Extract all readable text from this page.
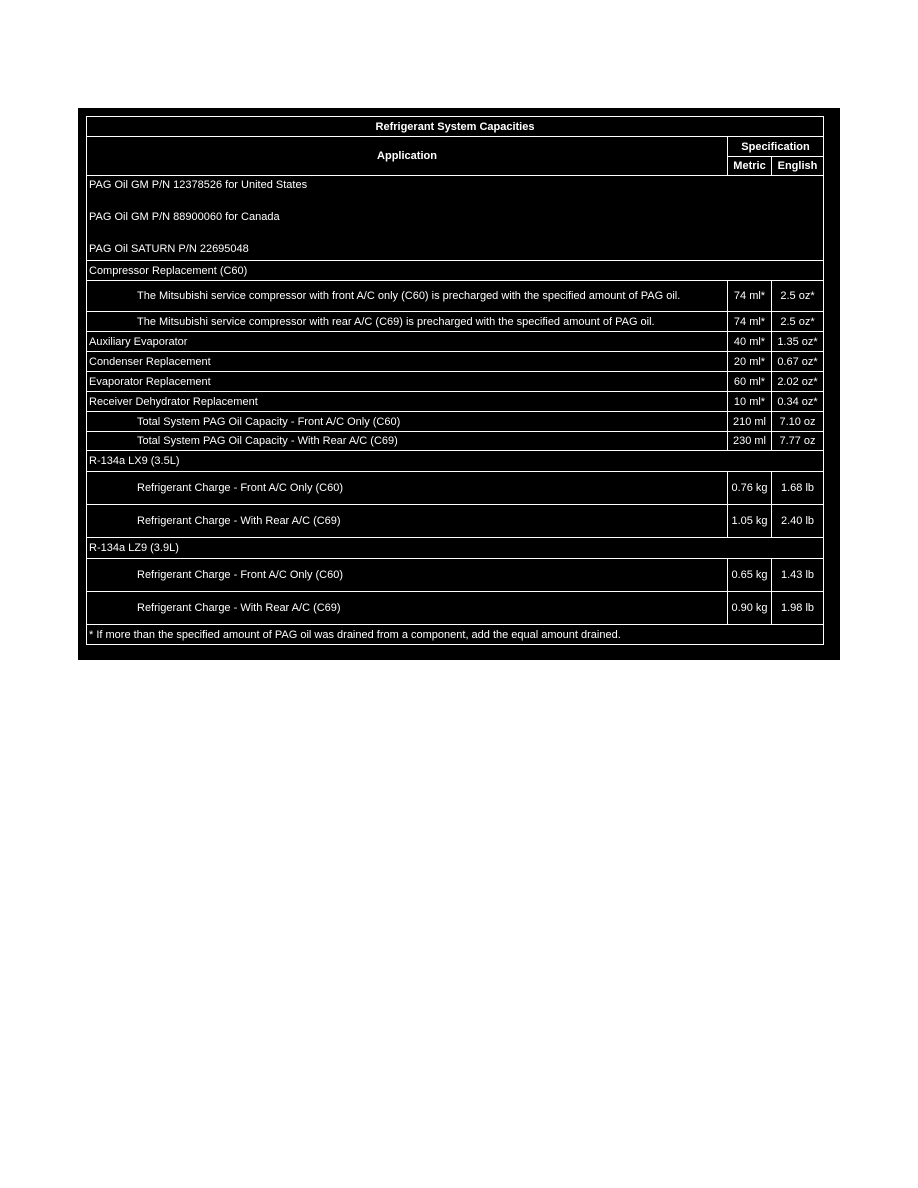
Refrigerant System Capacities		
Application	Specification	
	Metric	English

PAG Oil GM P/N 12378526 for United States
PAG Oil GM P/N 88900060 for Canada
PAG Oil SATURN P/N 22695048		

Compressor Replacement (C60)		
The Mitsubishi service compressor with front A/C only (C60) is precharged with the specified amount of PAG oil.	74 ml*	2.5 oz*
The Mitsubishi service compressor with rear A/C (C69) is precharged with the specified amount of PAG oil.	74 ml*	2.5 oz*
Auxiliary Evaporator	40 ml*	1.35 oz*
Condenser Replacement	20 ml*	0.67 oz*
Evaporator Replacement	60 ml*	2.02 oz*
Receiver Dehydrator Replacement	10 ml*	0.34 oz*
Total System PAG Oil Capacity - Front A/C Only (C60)	210 ml	7.10 oz
Total System PAG Oil Capacity - With Rear A/C (C69)	230 ml	7.77 oz
R-134a LX9 (3.5L)		
Refrigerant Charge - Front A/C Only (C60)	0.76 kg	1.68 lb
Refrigerant Charge - With Rear A/C (C69)	1.05 kg	2.40 lb
R-134a LZ9 (3.9L)		
Refrigerant Charge - Front A/C Only (C60)	0.65 kg	1.43 lb
Refrigerant Charge - With Rear A/C (C69)	0.90 kg	1.98 lb
* If more than the specified amount of PAG oil was drained from a component, add the equal amount drained.		
